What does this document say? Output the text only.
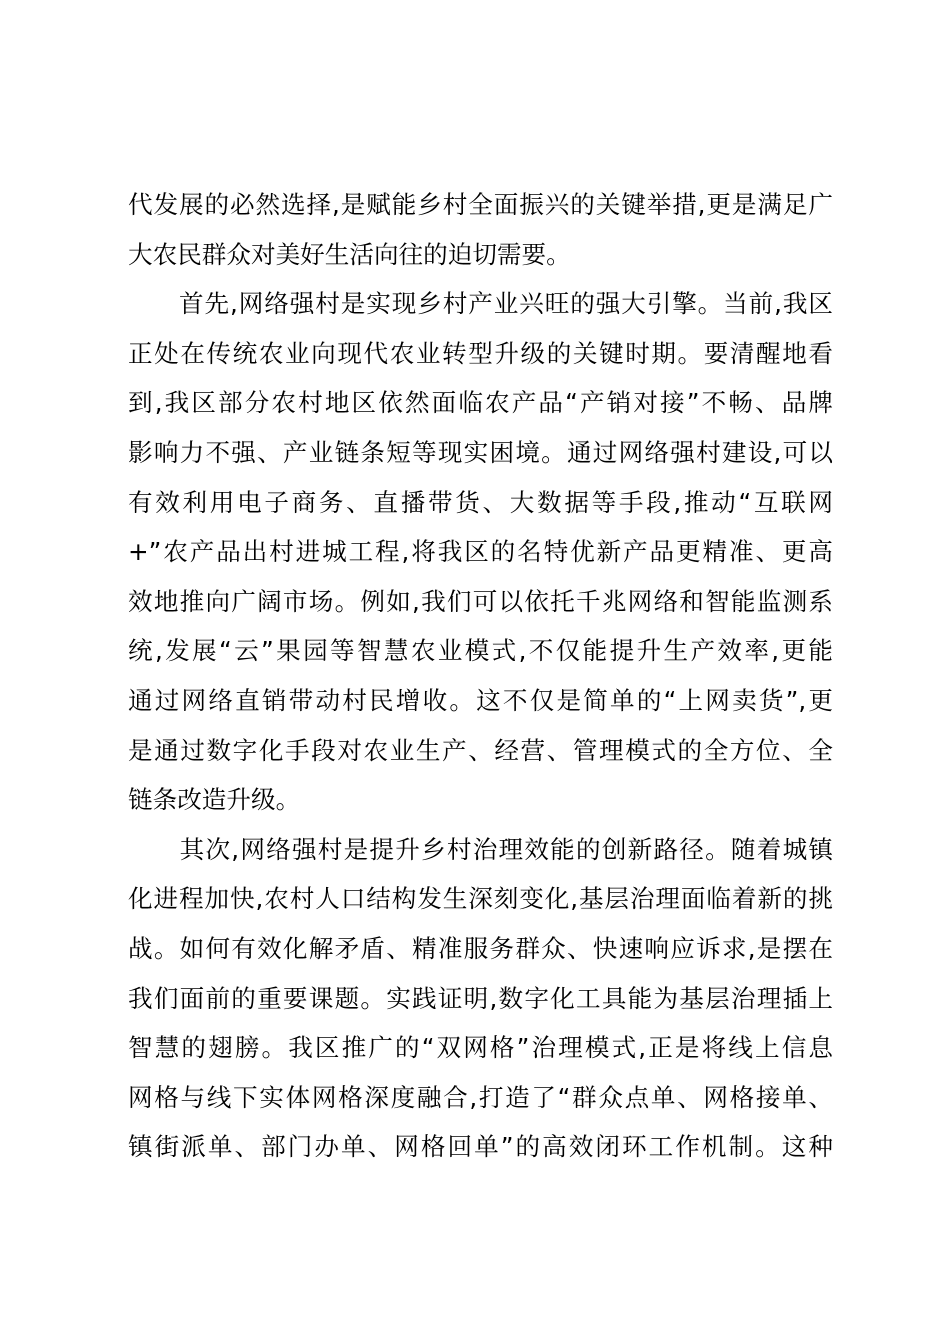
代发展的必然选择,是赋能乡村全面振兴的关键举措,更是满足广
大农民群众对美好生活向往的迫切需要。
　　首先,网络强村是实现乡村产业兴旺的强大引擎。当前,我区
正处在传统农业向现代农业转型升级的关键时期。要清醒地看
到,我区部分农村地区依然面临农产品“产销对接”不畅、品牌
影响力不强、产业链条短等现实困境。通过网络强村建设,可以
有效利用电子商务、直播带货、大数据等手段,推动“互联网
+”农产品出村进城工程,将我区的名特优新产品更精准、更高
效地推向广阔市场。例如,我们可以依托千兆网络和智能监测系
统,发展“云”果园等智慧农业模式,不仅能提升生产效率,更能
通过网络直销带动村民增收。这不仅是简单的“上网卖货”,更
是通过数字化手段对农业生产、经营、管理模式的全方位、全
链条改造升级。
　　其次,网络强村是提升乡村治理效能的创新路径。随着城镇
化进程加快,农村人口结构发生深刻变化,基层治理面临着新的挑
战。如何有效化解矛盾、精准服务群众、快速响应诉求,是摆在
我们面前的重要课题。实践证明,数字化工具能为基层治理插上
智慧的翅膀。我区推广的“双网格”治理模式,正是将线上信息
网格与线下实体网格深度融合,打造了“群众点单、网格接单、
镇街派单、部门办单、网格回单”的高效闭环工作机制。这种
